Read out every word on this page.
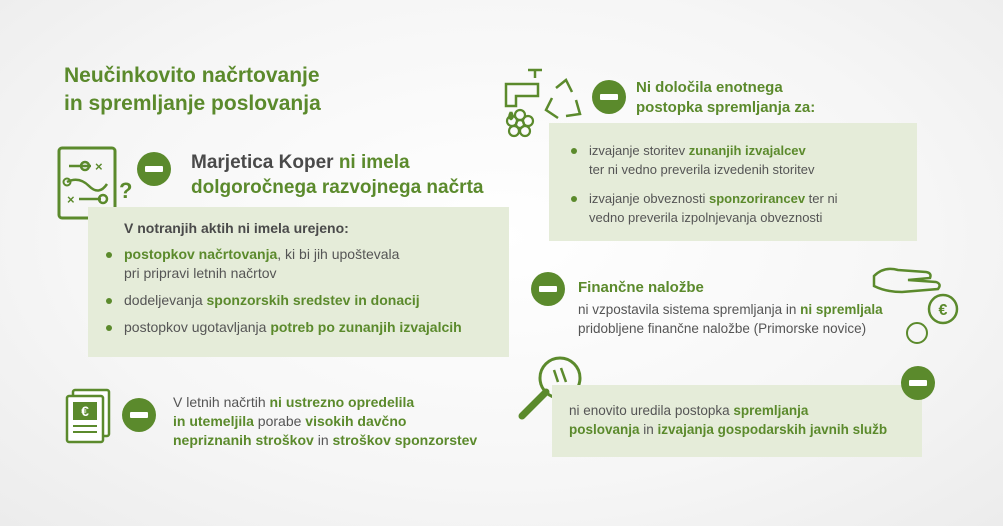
Neučinkovito načrtovanje
in spremljanje poslovanja
×
× ?
Marjetica Koper ni imela
dolgoročnega razvojnega načrta
V notranjih aktih ni imela urejeno:
postopkov načrtovanja, ki bi jih upoštevala
pri pripravi letnih načrtov
dodeljevanja sponzorskih sredstev in donacij
postopkov ugotavljanja potreb po zunanjih izvajalcih
€
V letnih načrtih ni ustrezno opredelila
in utemeljila porabe visokih davčno
nepriznanih stroškov in stroškov sponzorstev
Ni določila enotnega
postopka spremljanja za:
izvajanje storitev zunanjih izvajalcev
ter ni vedno preverila izvedenih storitev
izvajanje obveznosti sponzorirancev ter ni
vedno preverila izpolnjevanja obveznosti
Finančne naložbe
ni vzpostavila sistema spremljanja in ni spremljala
pridobljene finančne naložbe (Primorske novice)
€
ni enovito uredila postopka spremljanja
poslovanja in izvajanja gospodarskih javnih služb
